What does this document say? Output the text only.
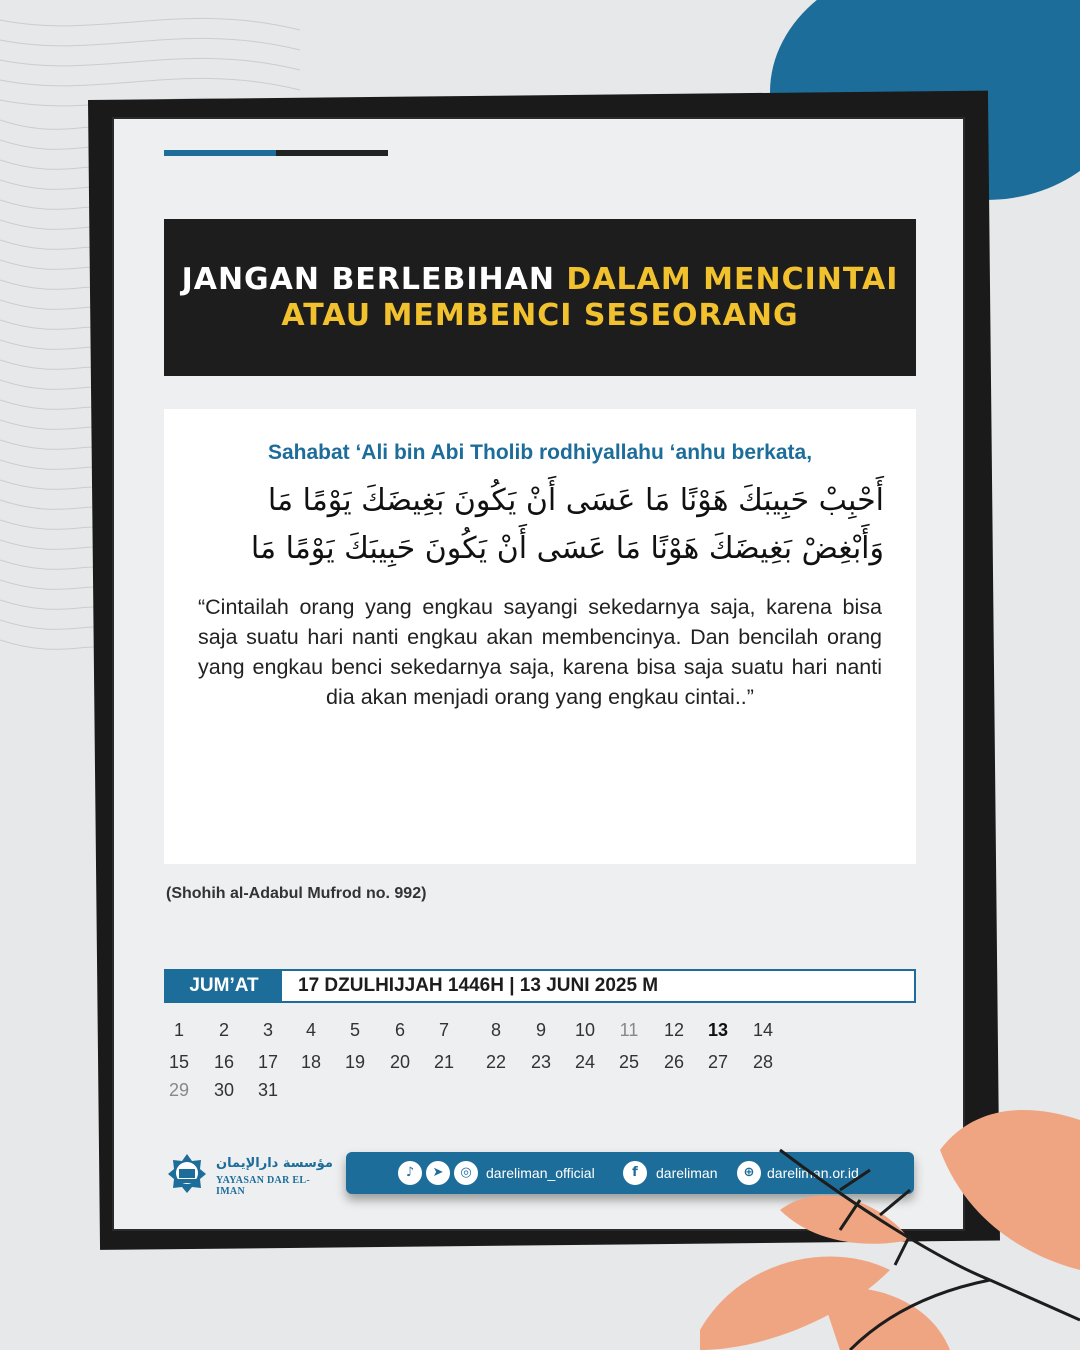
JANGAN BERLEBIHAN DALAM MENCINTAI
ATAU MEMBENCI SESEORANG
Sahabat ‘Ali bin Abi Tholib rodhiyallahu ‘anhu berkata,
أَحْبِبْ حَبِيبَكَ هَوْنًا مَا عَسَى أَنْ يَكُونَ بَغِيضَكَ يَوْمًا مَا
وَأَبْغِضْ بَغِيضَكَ هَوْنًا مَا عَسَى أَنْ يَكُونَ حَبِيبَكَ يَوْمًا مَا
“Cintailah orang yang engkau sayangi sekedarnya saja, karena bisa saja suatu hari nanti engkau akan membencinya. Dan bencilah orang yang engkau benci sekedarnya saja, karena bisa saja suatu hari nanti dia akan menjadi orang yang engkau cintai..”
(Shohih al-Adabul Mufrod no. 992)
JUM’AT	17 DZULHIJJAH 1446H | 13 JUNI 2025 M
1	2	3	4	5	6	7	8	9	10	11	12	13	14
15	16	17	18	19	20	21	22	23	24	25	26	27	28
29	30	31
مؤسسة دارالإيمان
YAYASAN DAR EL-IMAN
♪	➤	◎	dareliman_official	f	dareliman	⊕ dareliman.or.id
